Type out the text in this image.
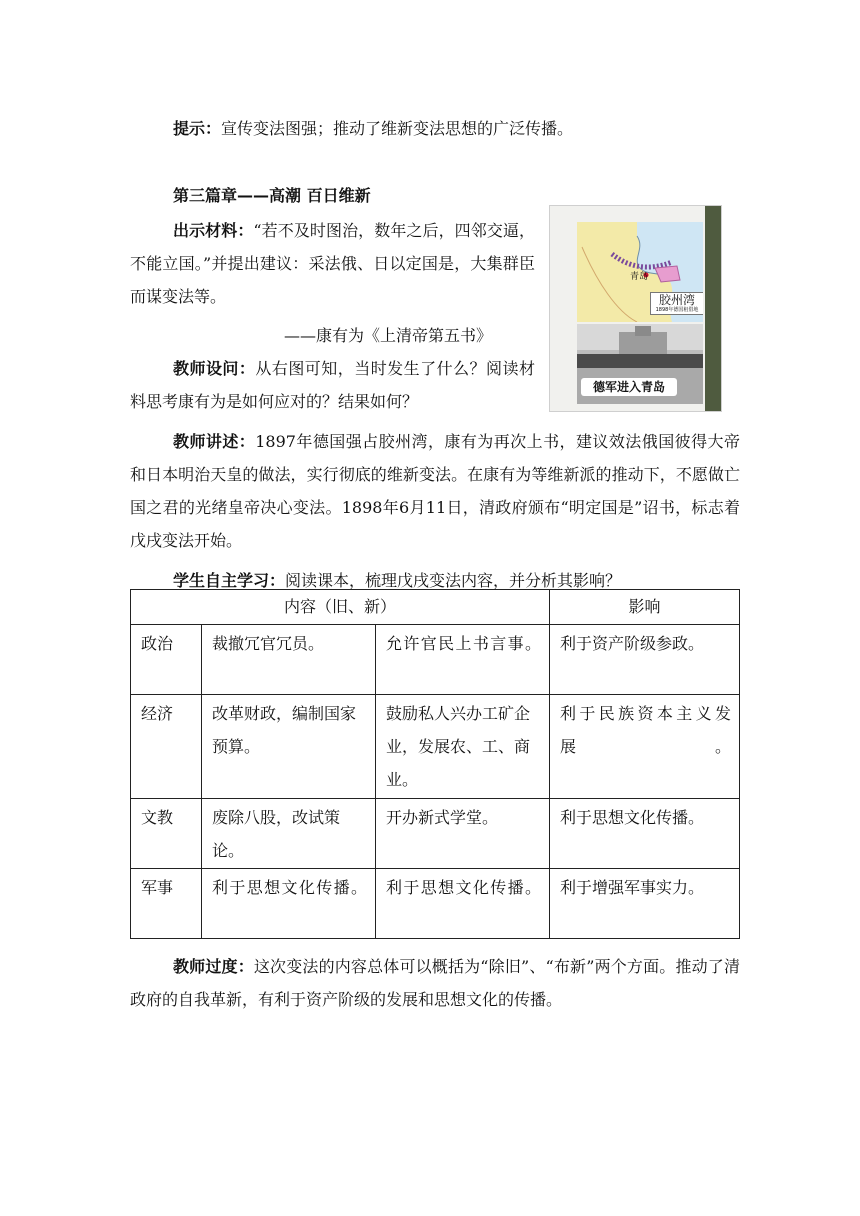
提示：宣传变法图强；推动了维新变法思想的广泛传播。

第三篇章——高潮 百日维新

出示材料：“若不及时图治，数年之后，四邻交逼，不能立国。”并提出建议：采法俄、日以定国是，大集群臣而谋变法等。

——康有为《上清帝第五书》

教师设问：从右图可知，当时发生了什么？阅读材料思考康有为是如何应对的？结果如何？

青岛
胶州湾
1898年德国租借地
德军进入青岛

教师讲述：1897年德国强占胶州湾，康有为再次上书，建议效法俄国彼得大帝和日本明治天皇的做法，实行彻底的维新变法。在康有为等维新派的推动下，不愿做亡国之君的光绪皇帝决心变法。1898年6月11日，清政府颁布“明定国是”诏书，标志着戊戌变法开始。

学生自主学习：阅读课本，梳理戊戌变法内容，并分析其影响？

内容（旧、新）			影响
政治	裁撤冗官冗员。	允许官民上书言事。	利于资产阶级参政。
经济	改革财政，编制国家预算。	鼓励私人兴办工矿企业，发展农、工、商业。	利于民族资本主义发展。
文教	废除八股，改试策论。	开办新式学堂。	利于思想文化传播。
军事	利于思想文化传播。	利于思想文化传播。	利于增强军事实力。

教师过度：这次变法的内容总体可以概括为“除旧”、“布新”两个方面。推动了清政府的自我革新，有利于资产阶级的发展和思想文化的传播。
